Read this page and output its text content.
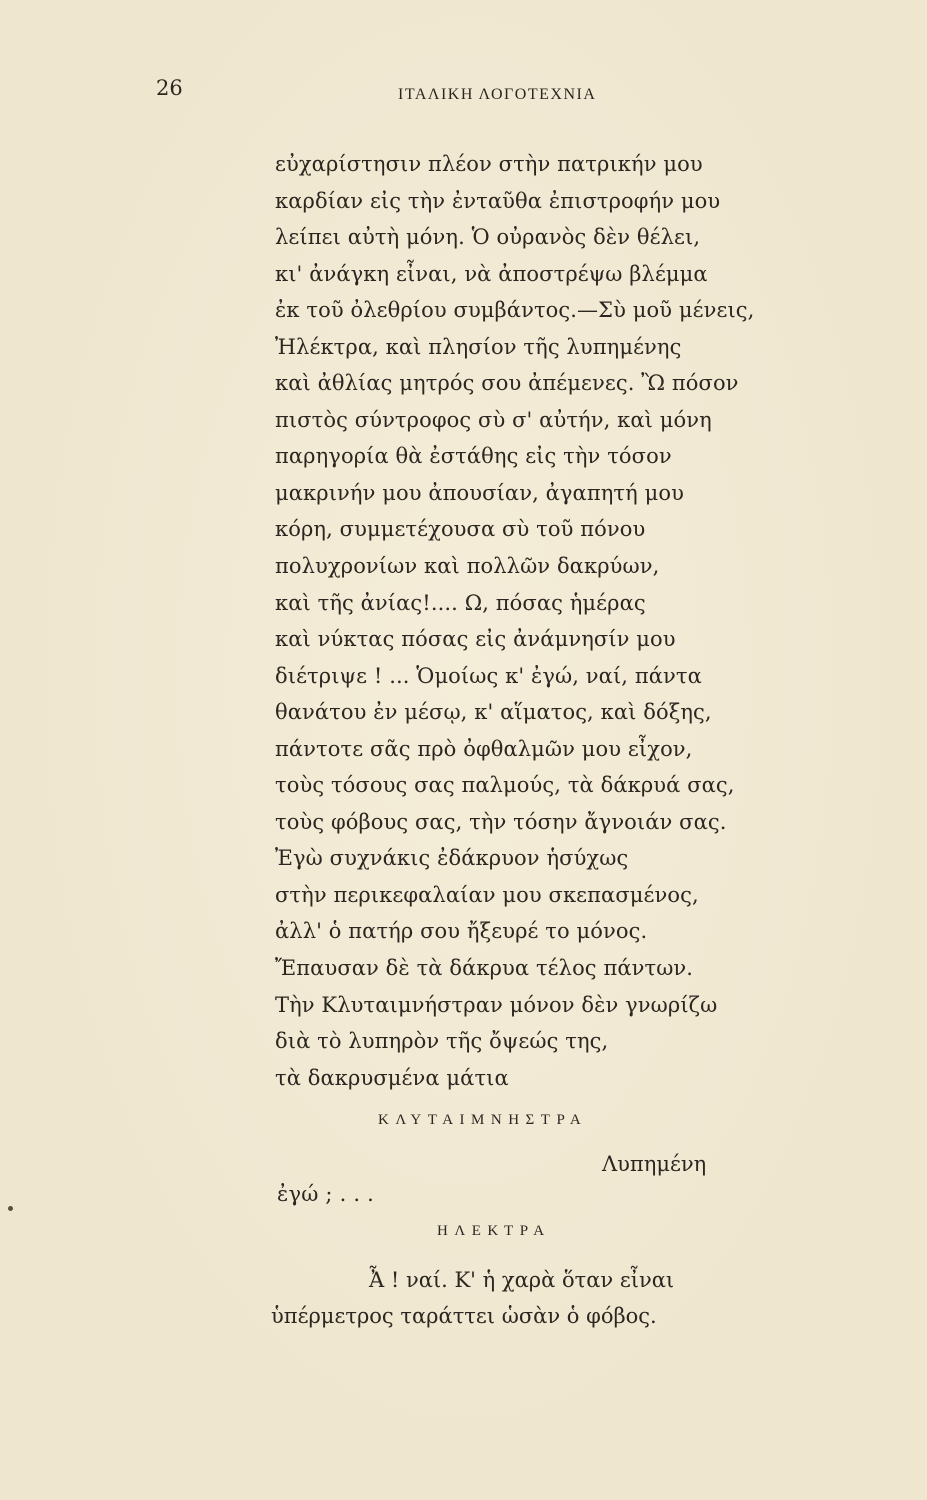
26	ΙΤΑΛΙΚΗ ΛΟΓΟΤΕΧΝΙΑ
εὐχαρίστησιν πλέον στὴν πατρικήν μου
καρδίαν εἰς τὴν ἐνταῦθα ἐπιστροφήν μου
λείπει αὐτὴ μόνη. Ὁ οὐρανὸς δὲν θέλει,
κι' ἀνάγκη εἶναι, νὰ ἀποστρέψω βλέμμα
ἐκ τοῦ ὀλεθρίου συμβάντος.—Σὺ μοῦ μένεις,
Ἠλέκτρα, καὶ πλησίον τῆς λυπημένης
καὶ ἀθλίας μητρός σου ἀπέμενες. Ὢ πόσον
πιστὸς σύντροφος σὺ σ' αὐτήν, καὶ μόνη
παρηγορία θὰ ἐστάθης εἰς τὴν τόσον
μακρινήν μου ἀπουσίαν, ἀγαπητή μου
κόρη, συμμετέχουσα σὺ τοῦ πόνου
πολυχρονίων καὶ πολλῶν δακρύων,
καὶ τῆς ἀνίας!.... Ω, πόσας ἡμέρας
καὶ νύκτας πόσας εἰς ἀνάμνησίν μου
διέτριψε ! ... Ὁμοίως κ' ἐγώ, ναί, πάντα
θανάτου ἐν μέσῳ, κ' αἵματος, καὶ δόξης,
πάντοτε σᾶς πρὸ ὀφθαλμῶν μου εἶχον,
τοὺς τόσους σας παλμούς, τὰ δάκρυά σας,
τοὺς φόβους σας, τὴν τόσην ἄγνοιάν σας.
Ἐγὼ συχνάκις ἐδάκρυον ἡσύχως
στὴν περικεφαλαίαν μου σκεπασμένος,
ἀλλ' ὁ πατήρ σου ἤξευρέ το μόνος.
Ἔπαυσαν δὲ τὰ δάκρυα τέλος πάντων.
Τὴν Κλυταιμνήστραν μόνον δὲν γνωρίζω
διὰ τὸ λυπηρὸν τῆς ὄψεώς της,
τὰ δακρυσμένα μάτια
ΚΛΥΤΑΙΜΝΗΣΤΡΑ
Λυπημένη
ἐγώ ; . . .
ΗΛΕΚΤΡΑ
Ἆ ! ναί. Κ' ἡ χαρὰ ὅταν εἶναι
ὑπέρμετρος ταράττει ὡσὰν ὁ φόβος.
